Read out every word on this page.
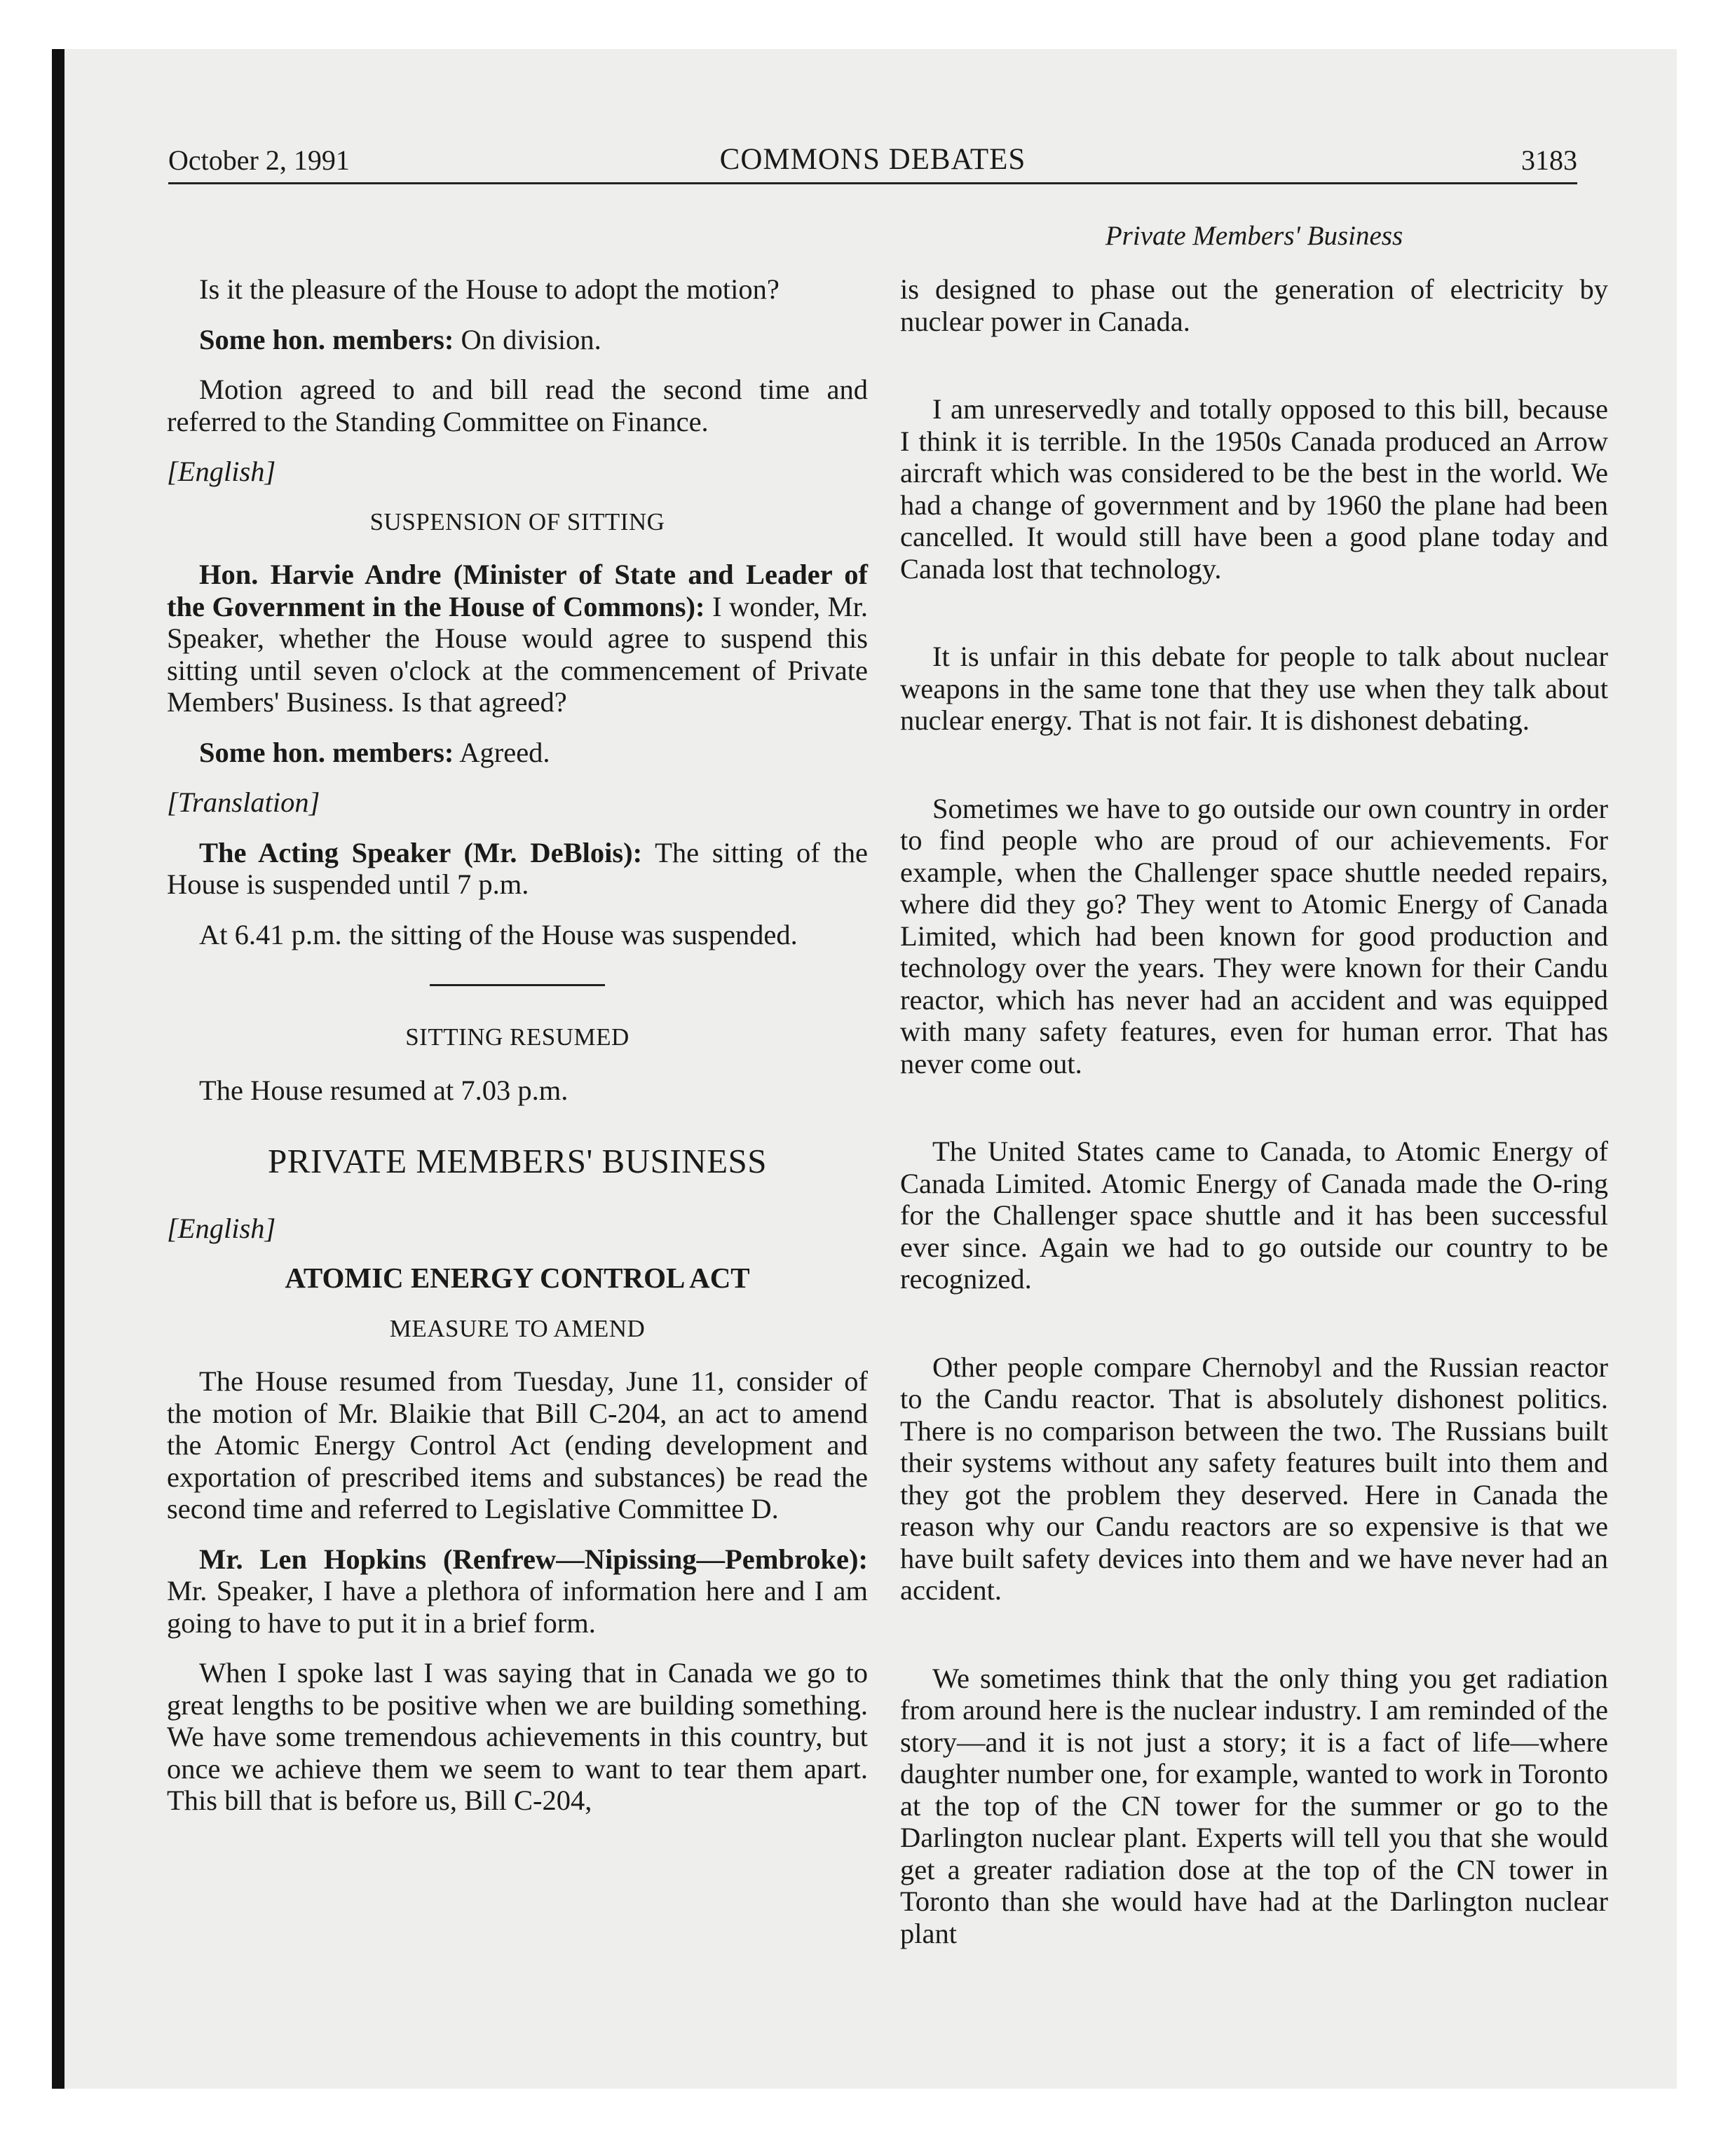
October 2, 1991	COMMONS DEBATES	3183
Private Members' Business

Is it the pleasure of the House to adopt the motion?

Some hon. members: On division.

Motion agreed to and bill read the second time and referred to the Standing Committee on Finance.

[English]
SUSPENSION OF SITTING

Hon. Harvie Andre (Minister of State and Leader of the Government in the House of Commons): I wonder, Mr. Speaker, whether the House would agree to suspend this sitting until seven o'clock at the commencement of Private Members' Business. Is that agreed?

Some hon. members: Agreed.

[Translation]

The Acting Speaker (Mr. DeBlois): The sitting of the House is suspended until 7 p.m.

At 6.41 p.m. the sitting of the House was suspended.

SITTING RESUMED

The House resumed at 7.03 p.m.

PRIVATE MEMBERS' BUSINESS
[English]
ATOMIC ENERGY CONTROL ACT
MEASURE TO AMEND

The House resumed from Tuesday, June 11, consider of the motion of Mr. Blaikie that Bill C-204, an act to amend the Atomic Energy Control Act (ending development and exportation of prescribed items and substances) be read the second time and referred to Legislative Committee D.

Mr. Len Hopkins (Renfrew—Nipissing—Pembroke): Mr. Speaker, I have a plethora of information here and I am going to have to put it in a brief form.

When I spoke last I was saying that in Canada we go to great lengths to be positive when we are building something. We have some tremendous achievements in this country, but once we achieve them we seem to want to tear them apart. This bill that is before us, Bill C-204,

is designed to phase out the generation of electricity by nuclear power in Canada.

I am unreservedly and totally opposed to this bill, because I think it is terrible. In the 1950s Canada produced an Arrow aircraft which was considered to be the best in the world. We had a change of government and by 1960 the plane had been cancelled. It would still have been a good plane today and Canada lost that technology.

It is unfair in this debate for people to talk about nuclear weapons in the same tone that they use when they talk about nuclear energy. That is not fair. It is dishonest debating.

Sometimes we have to go outside our own country in order to find people who are proud of our achievements. For example, when the Challenger space shuttle needed repairs, where did they go? They went to Atomic Energy of Canada Limited, which had been known for good production and technology over the years. They were known for their Candu reactor, which has never had an accident and was equipped with many safety features, even for human error. That has never come out.

The United States came to Canada, to Atomic Energy of Canada Limited. Atomic Energy of Canada made the O-ring for the Challenger space shuttle and it has been successful ever since. Again we had to go outside our country to be recognized.

Other people compare Chernobyl and the Russian reactor to the Candu reactor. That is absolutely dishonest politics. There is no comparison between the two. The Russians built their systems without any safety features built into them and they got the problem they deserved. Here in Canada the reason why our Candu reactors are so expensive is that we have built safety devices into them and we have never had an accident.

We sometimes think that the only thing you get radiation from around here is the nuclear industry. I am reminded of the story—and it is not just a story; it is a fact of life—where daughter number one, for example, wanted to work in Toronto at the top of the CN tower for the summer or go to the Darlington nuclear plant. Experts will tell you that she would get a greater radiation dose at the top of the CN tower in Toronto than she would have had at the Darlington nuclear plant
